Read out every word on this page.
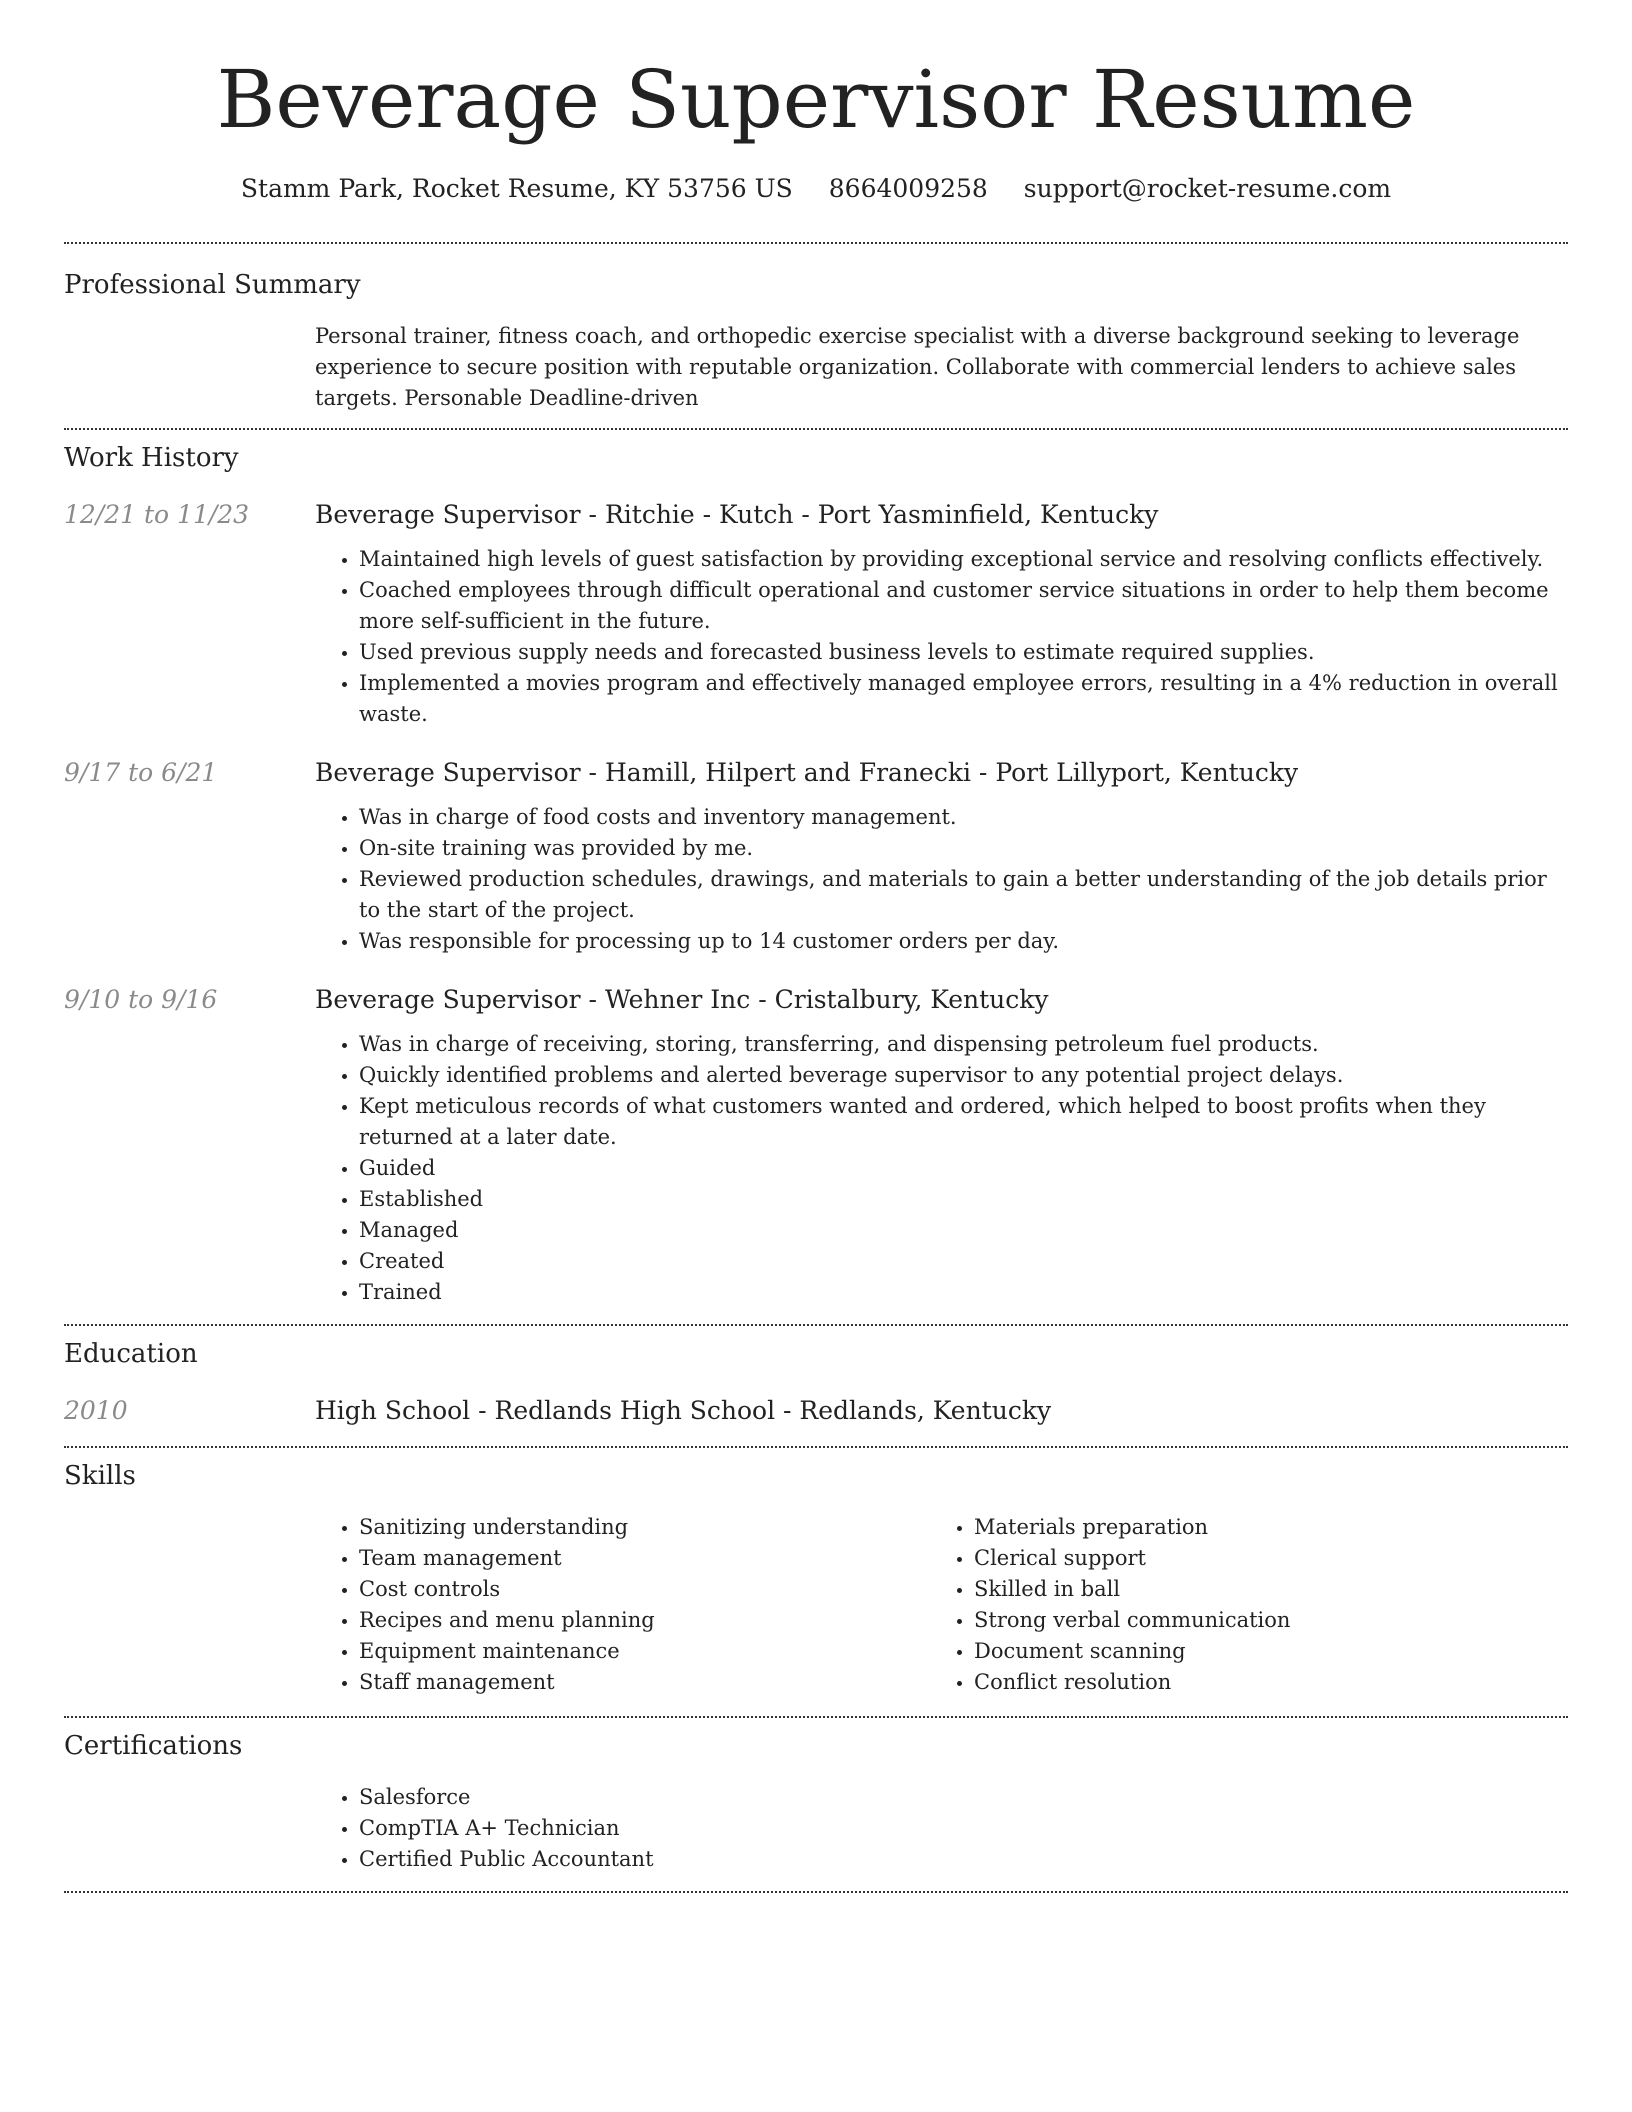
Beverage Supervisor Resume
Stamm Park, Rocket Resume, KY 53756 US 8664009258 support@rocket-resume.com
Professional Summary

Personal trainer, fitness coach, and orthopedic exercise specialist with a diverse background seeking to leverage experience to secure position with reputable organization. Collaborate with commercial lenders to achieve sales targets. Personable Deadline-driven

Work History
12/21 to 11/23	Beverage Supervisor - Ritchie - Kutch - Port Yasminfield, Kentucky
• Maintained high levels of guest satisfaction by providing exceptional service and resolving conflicts effectively.
• Coached employees through difficult operational and customer service situations in order to help them become more self-sufficient in the future.
• Used previous supply needs and forecasted business levels to estimate required supplies.
• Implemented a movies program and effectively managed employee errors, resulting in a 4% reduction in overall waste.
9/17 to 6/21	Beverage Supervisor - Hamill, Hilpert and Franecki - Port Lillyport, Kentucky
• Was in charge of food costs and inventory management.
• On-site training was provided by me.
• Reviewed production schedules, drawings, and materials to gain a better understanding of the job details prior to the start of the project.
• Was responsible for processing up to 14 customer orders per day.
9/10 to 9/16	Beverage Supervisor - Wehner Inc - Cristalbury, Kentucky
• Was in charge of receiving, storing, transferring, and dispensing petroleum fuel products.
• Quickly identified problems and alerted beverage supervisor to any potential project delays.
• Kept meticulous records of what customers wanted and ordered, which helped to boost profits when they returned at a later date.
• Guided
• Established
• Managed
• Created
• Trained
Education
2010	High School - Redlands High School - Redlands, Kentucky
Skills
• Sanitizing understanding
• Team management
• Cost controls
• Recipes and menu planning
• Equipment maintenance
• Staff management
• Materials preparation
• Clerical support
• Skilled in ball
• Strong verbal communication
• Document scanning
• Conflict resolution
Certifications
• Salesforce
• CompTIA A+ Technician
• Certified Public Accountant
